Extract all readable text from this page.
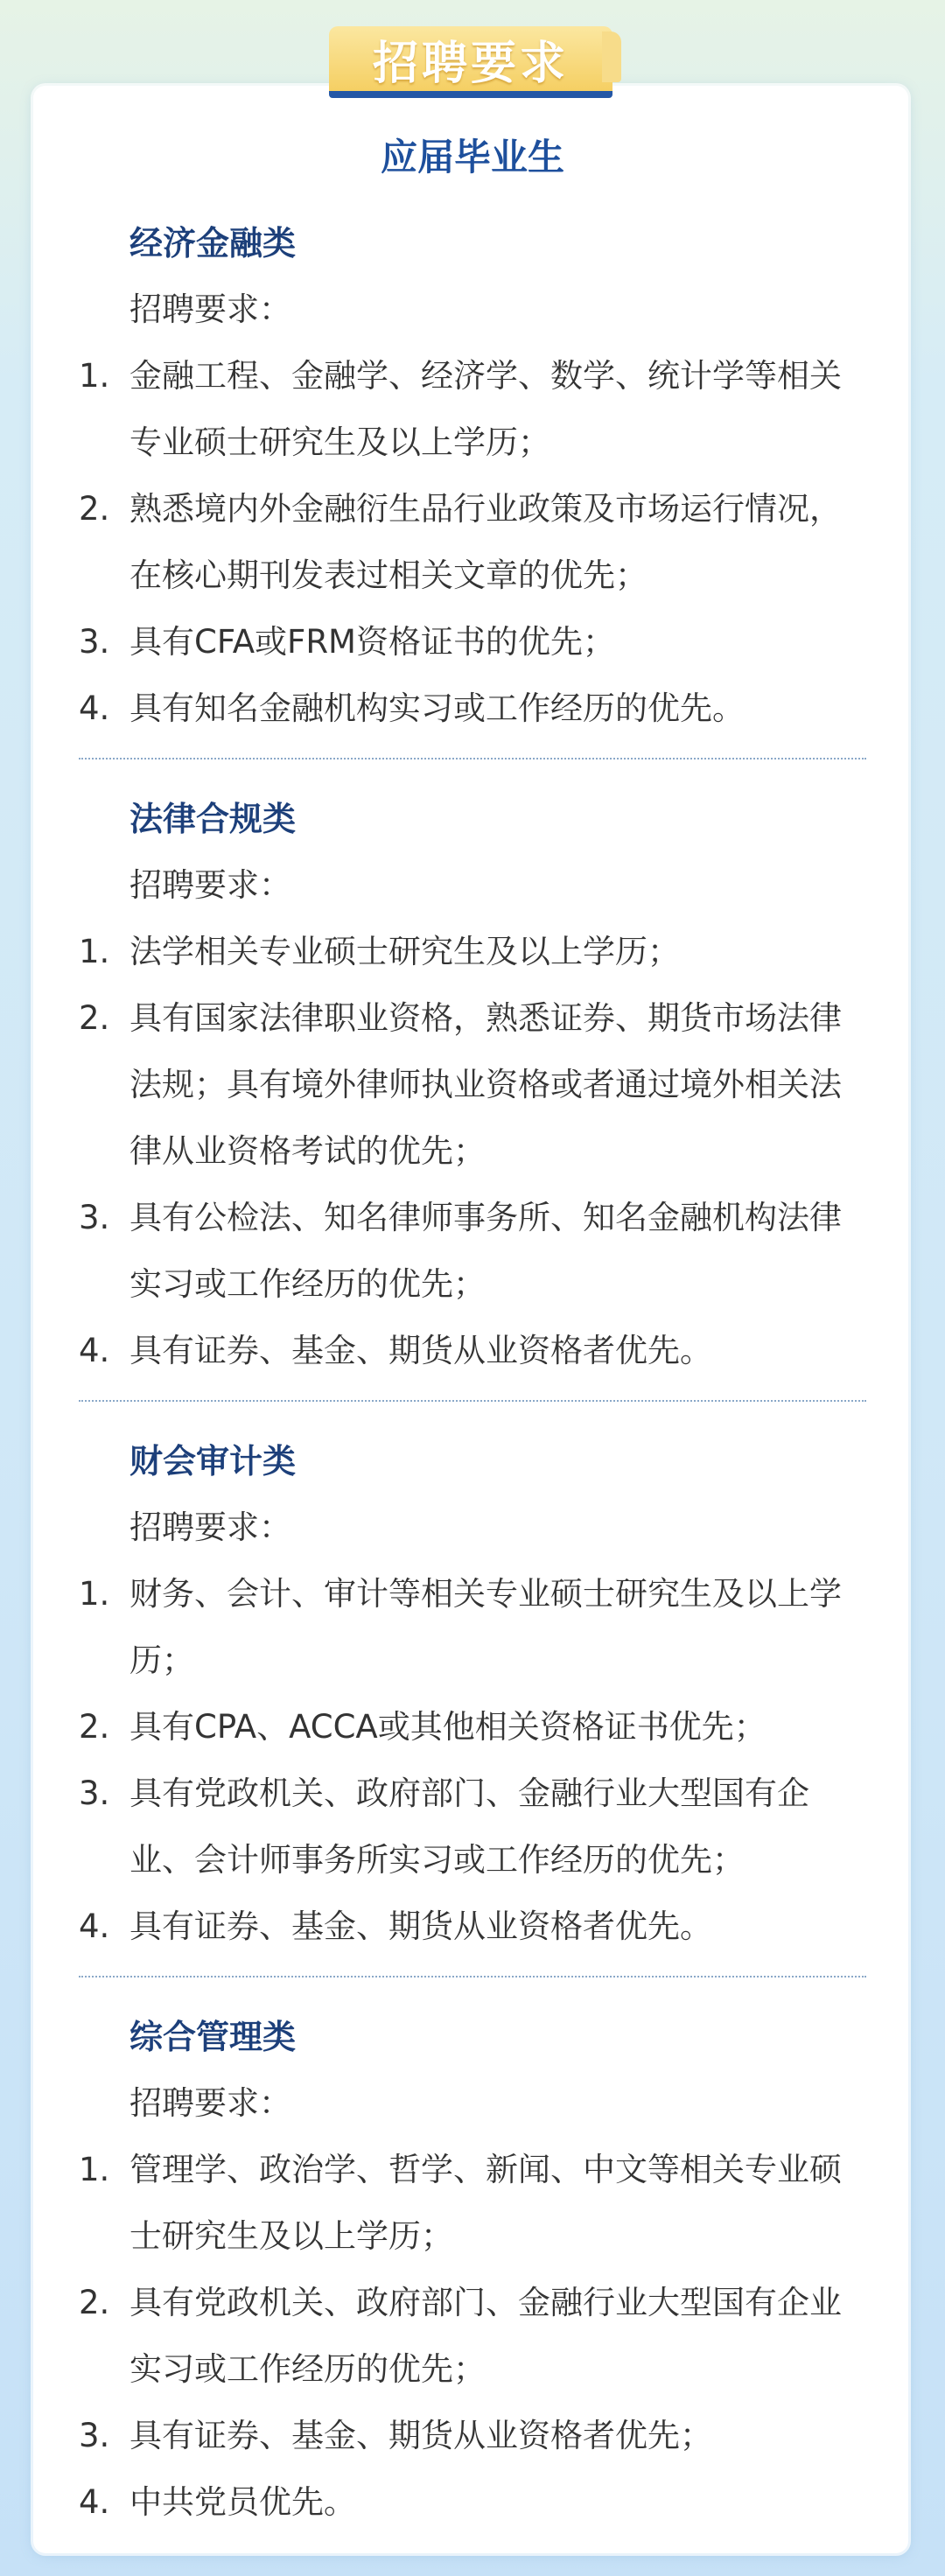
招聘要求
应届毕业生
经济金融类
招聘要求：
1. 金融工程、金融学、经济学、数学、统计学等相关专业硕士研究生及以上学历；
2. 熟悉境内外金融衍生品行业政策及市场运行情况，在核心期刊发表过相关文章的优先；
3. 具有CFA或FRM资格证书的优先；
4. 具有知名金融机构实习或工作经历的优先。
法律合规类
招聘要求：
1. 法学相关专业硕士研究生及以上学历；
2. 具有国家法律职业资格，熟悉证券、期货市场法律法规；具有境外律师执业资格或者通过境外相关法律从业资格考试的优先；
3. 具有公检法、知名律师事务所、知名金融机构法律实习或工作经历的优先；
4. 具有证券、基金、期货从业资格者优先。
财会审计类
招聘要求：
1. 财务、会计、审计等相关专业硕士研究生及以上学历；
2. 具有CPA、ACCA或其他相关资格证书优先；
3. 具有党政机关、政府部门、金融行业大型国有企业、会计师事务所实习或工作经历的优先；
4. 具有证券、基金、期货从业资格者优先。
综合管理类
招聘要求：
1. 管理学、政治学、哲学、新闻、中文等相关专业硕士研究生及以上学历；
2. 具有党政机关、政府部门、金融行业大型国有企业实习或工作经历的优先；
3. 具有证券、基金、期货从业资格者优先；
4. 中共党员优先。
